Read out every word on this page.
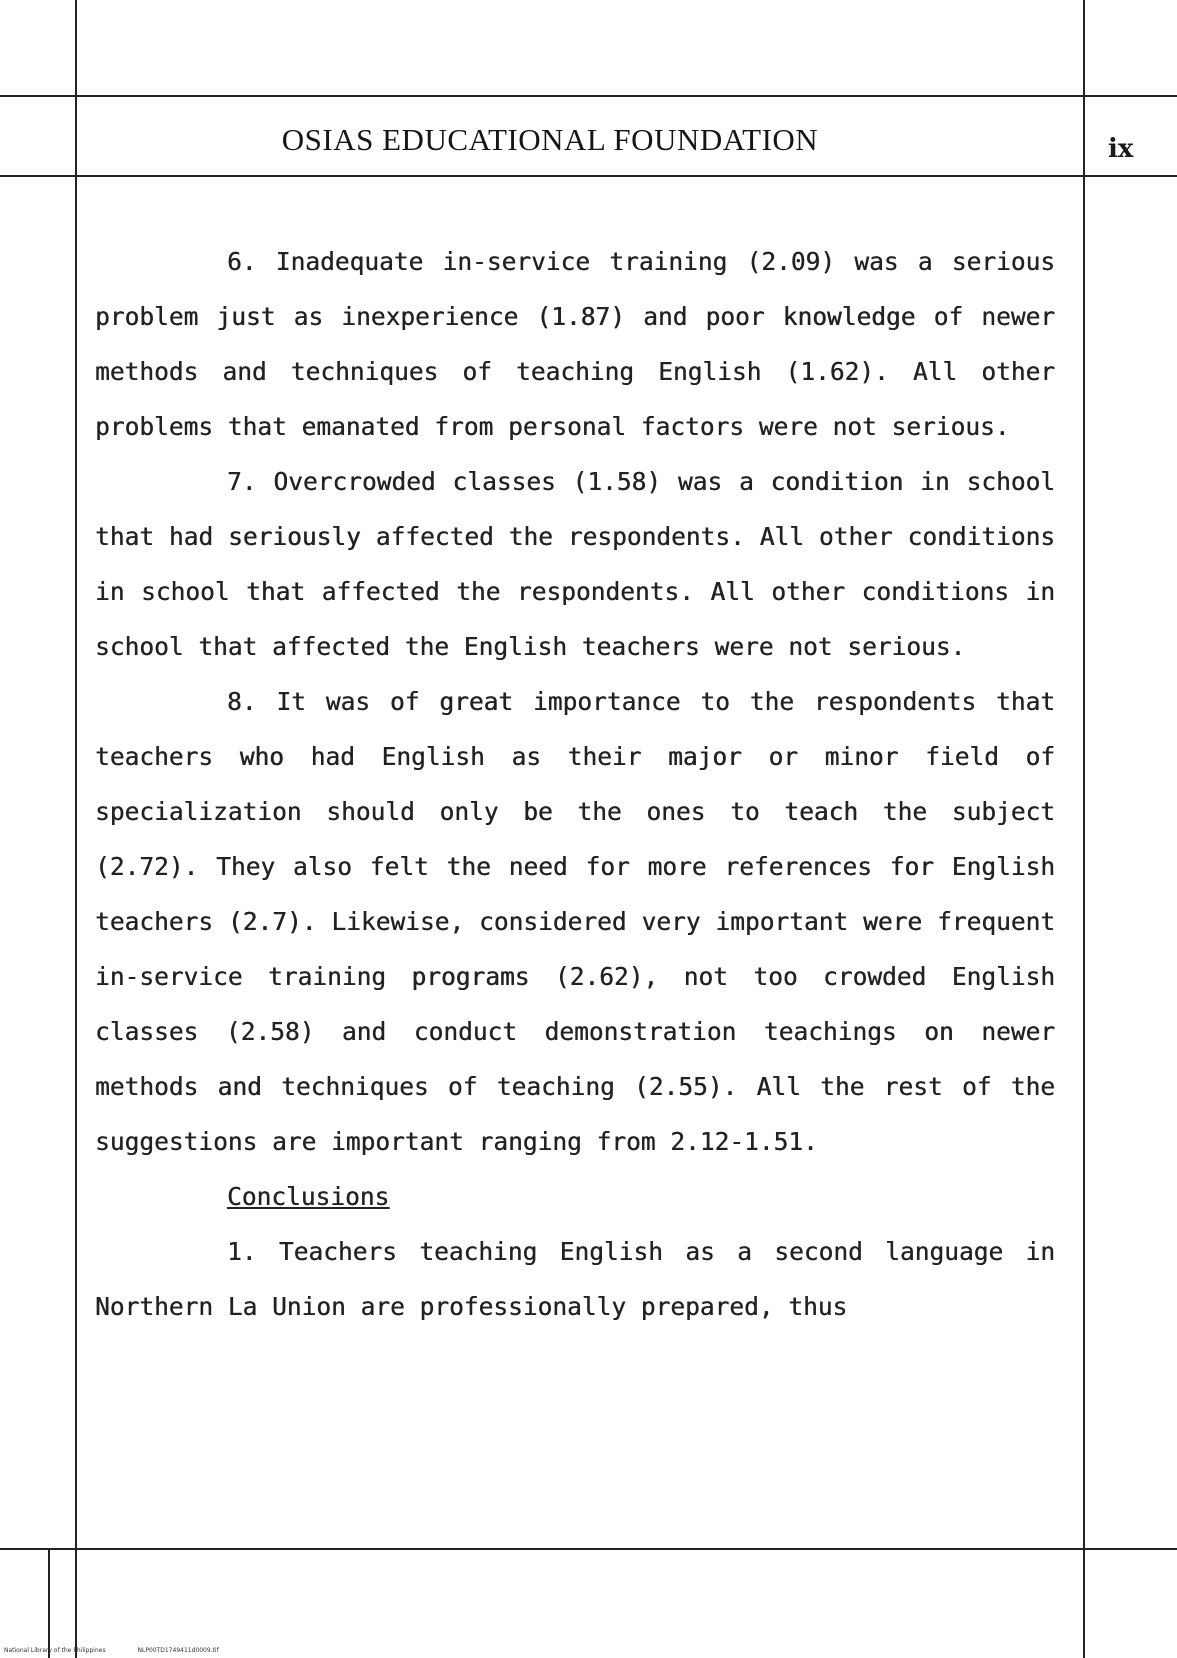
OSIAS EDUCATIONAL FOUNDATION	ix

6. Inadequate in-service training (2.09) was a serious problem just as inexperience (1.87) and poor knowledge of newer methods and techniques of teaching English (1.62). All other problems that emanated from personal factors were not serious.

7. Overcrowded classes (1.58) was a condition in school that had seriously affected the respondents. All other conditions in school that affected the respondents. All other conditions in school that affected the English teachers were not serious.

8. It was of great importance to the respondents that teachers who had English as their major or minor field of specialization should only be the ones to teach the subject (2.72). They also felt the need for more references for English teachers (2.7). Likewise, considered very important were frequent in-service training programs (2.62), not too crowded English classes (2.58) and conduct demonstration teachings on newer methods and techniques of teaching (2.55). All the rest of the suggestions are important ranging from 2.12-1.51.

Conclusions

1. Teachers teaching English as a second language in Northern La Union are professionally prepared, thus

National Library of the Philippines	NLP00TD1749411d0009.tif
